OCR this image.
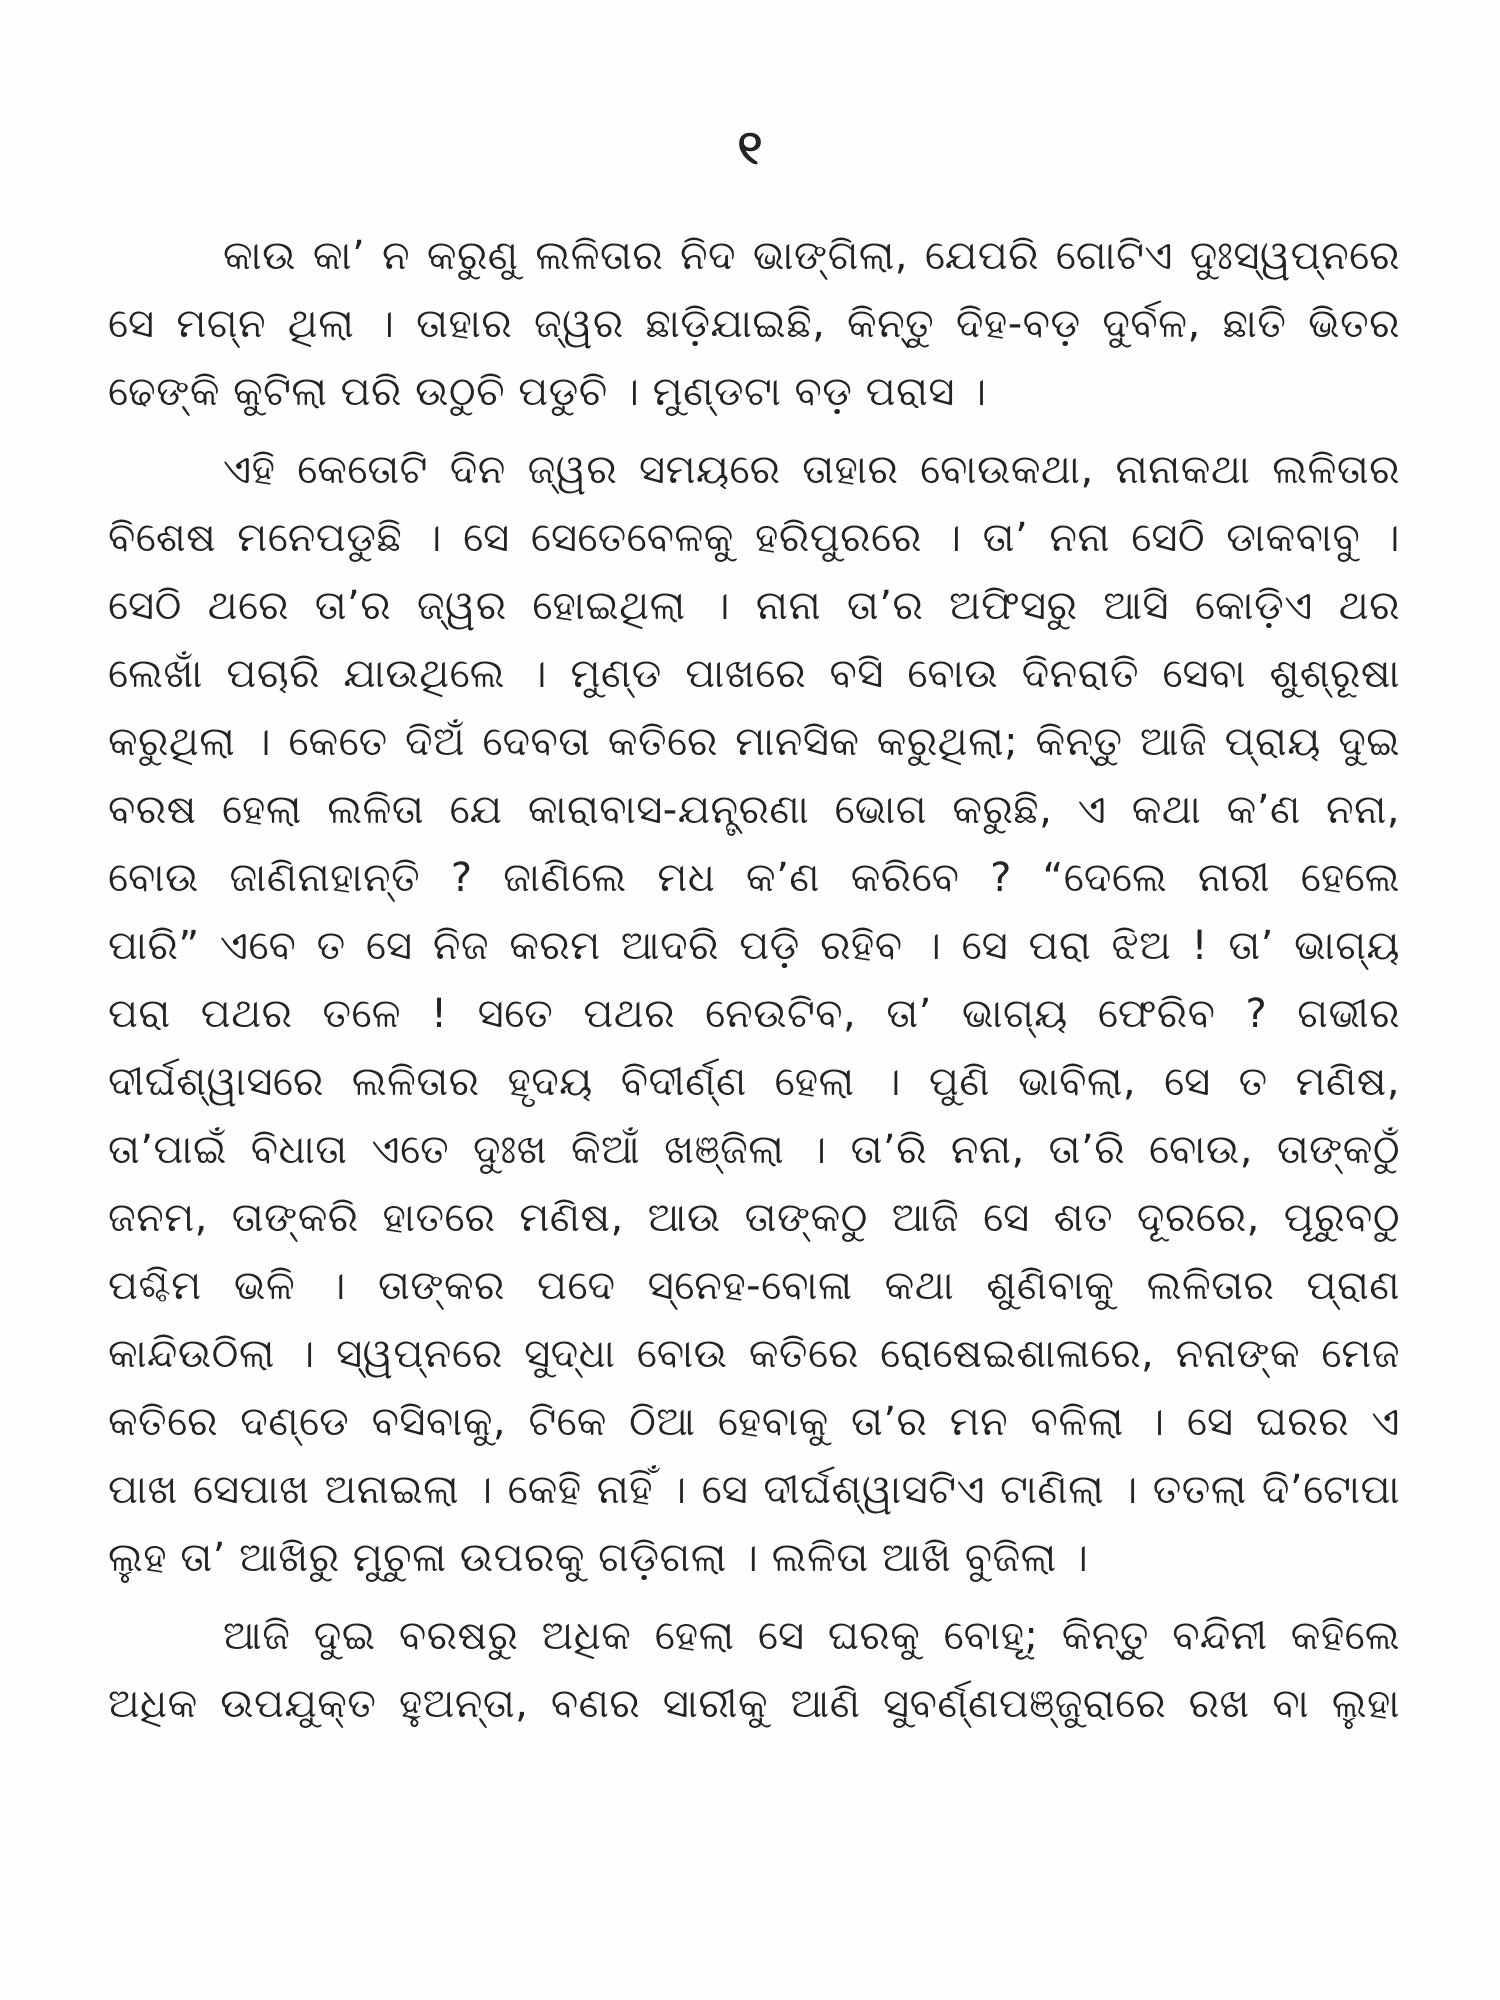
୧
କାଉ କା’ ନ କରୁଣୁ ଲଳିତାର ନିଦ ଭାଙ୍ଗିଲା, ଯେପରି ଗୋଟିଏ ଦୁଃସ୍ୱପ୍ନରେ
ସେ ମଗ୍ନ ଥିଲା । ତାହାର ଜ୍ୱର ଛାଡ଼ିଯାଇଛି, କିନ୍ତୁ ଦିହ-ବଡ଼ ଦୁର୍ବଳ, ଛାତି ଭିତର
ଢେଙ୍କି କୁଟିଲା ପରି ଉଠୁଚି ପଡୁଚି । ମୁଣ୍ଡଟା ବଡ଼ ପରାସ ।
ଏହି କେତୋଟି ଦିନ ଜ୍ୱର ସମୟରେ ତାହାର ବୋଉକଥା, ନାନାକଥା ଲଳିତାର
ବିଶେଷ ମନେପଡୁଛି । ସେ ସେତେବେଳକୁ ହରିପୁରରେ । ତା’ ନନା ସେଠି ଡାକବାବୁ ।
ସେଠି ଥରେ ତା’ର ଜ୍ୱର ହୋଇଥିଲା । ନାନା ତା’ର ଅଫିସରୁ ଆସି କୋଡ଼ିଏ ଥର
ଲେଖାଁ ପଚାରି ଯାଉଥିଲେ । ମୁଣ୍ଡ ପାଖରେ ବସି ବୋଉ ଦିନରାତି ସେବା ଶୁଶ୍ରୂଷା
କରୁଥିଲା । କେତେ ଦିଅଁ ଦେବତା କତିରେ ମାନସିକ କରୁଥିଲା; କିନ୍ତୁ ଆଜି ପ୍ରାୟ ଦୁଇ
ବରଷ ହେଲା ଲଳିତା ଯେ କାରାବାସ-ଯନ୍ତ୍ରଣା ଭୋଗ କରୁଛି, ଏ କଥା କ’ଣ ନନା,
ବୋଉ ଜାଣିନାହାନ୍ତି ? ଜାଣିଲେ ମଧ କ’ଣ କରିବେ ? “ଦେଲେ ନାରୀ ହେଲେ
ପାରି” ଏବେ ତ ସେ ନିଜ କରମ ଆଦରି ପଡ଼ି ରହିବ । ସେ ପରା ଝିଅ ! ତା’ ଭାଗ୍ୟ
ପରା ପଥର ତଳେ ! ସତେ ପଥର ନେଉଟିବ, ତା’ ଭାଗ୍ୟ ଫେରିବ ? ଗଭୀର
ଦୀର୍ଘଶ୍ୱାସରେ ଲଳିତାର ହୃଦୟ ବିଦୀର୍ଣ୍ଣ ହେଲା । ପୁଣି ଭାବିଲା, ସେ ତ ମଣିଷ,
ତା’ପାଇଁ ବିଧାତା ଏତେ ଦୁଃଖ କିଆଁ ଖଞ୍ଜିଲା । ତା’ରି ନନା, ତା’ରି ବୋଉ, ତାଙ୍କଠୁଁ
ଜନମ, ତାଙ୍କରି ହାତରେ ମଣିଷ, ଆଉ ତାଙ୍କଠୁ ଆଜି ସେ ଶତ ଦୂରରେ, ପୂରୁବଠୁ
ପଶ୍ଚିମ ଭଳି । ତାଙ୍କର ପଦେ ସ୍ନେହ-ବୋଳା କଥା ଶୁଣିବାକୁ ଲଳିତାର ପ୍ରାଣ
କାନ୍ଦିଉଠିଲା । ସ୍ୱପ୍ନରେ ସୁଦ୍ଧା ବୋଉ କତିରେ ରୋଷେଇଶାଳାରେ, ନନାଙ୍କ ମେଜ
କତିରେ ଦଣ୍ଡେ ବସିବାକୁ, ଟିକେ ଠିଆ ହେବାକୁ ତା’ର ମନ ବଳିଲା । ସେ ଘରର ଏ
ପାଖ ସେପାଖ ଅନାଇଲା । କେହି ନାହିଁ । ସେ ଦୀର୍ଘଶ୍ୱାସଟିଏ ଟାଣିଲା । ତତଲା ଦି’ଟୋପା
ଲୁହ ତା’ ଆଖିରୁ ମୁଚୁଳା ଉପରକୁ ଗଡ଼ିଗଲା । ଲଳିତା ଆଖି ବୁଜିଲା ।
ଆଜି ଦୁଇ ବରଷରୁ ଅଧିକ ହେଲା ସେ ଘରକୁ ବୋହୂ; କିନ୍ତୁ ବନ୍ଦିନୀ କହିଲେ
ଅଧିକ ଉପଯୁକ୍ତ ହୁଅନ୍ତା, ବଣର ସାରୀକୁ ଆଣି ସୁବର୍ଣ୍ଣପଞ୍ଜୁରାରେ ରଖ ବା ଲୁହା
